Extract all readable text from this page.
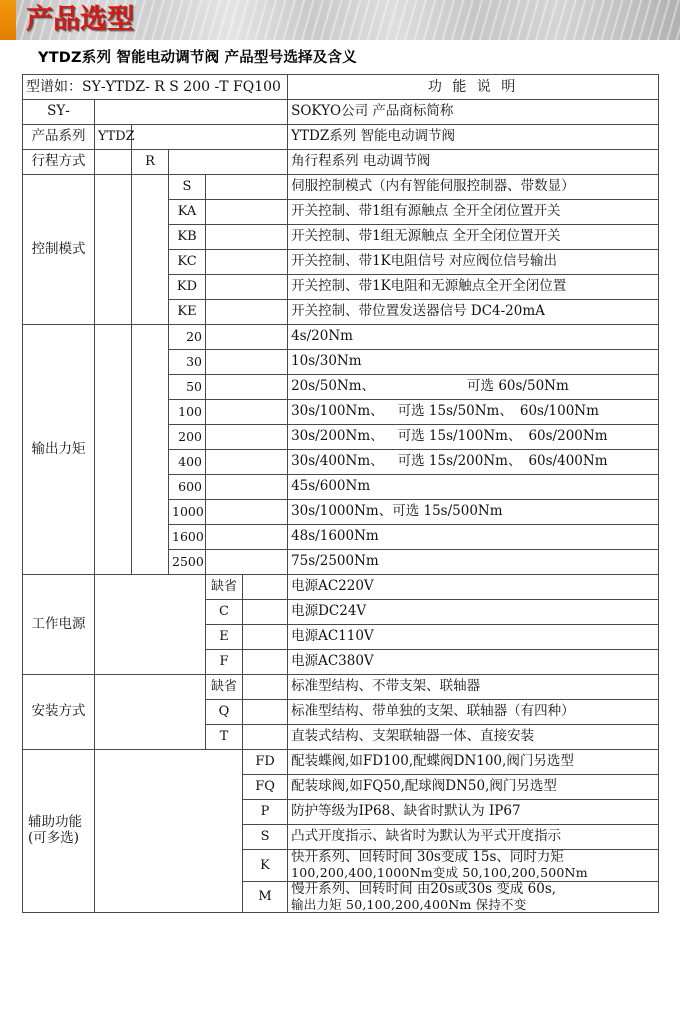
产品选型
YTDZ系列 智能电动调节阀 产品型号选择及含义
型谱如：SY‑YTDZ‑ R S 200 ‑T FQ100						功 能 说 明
SY‑						SOKYO公司 产品商标简称
产品系列	YTDZ					YTDZ系列 智能电动调节阀
行程方式		R				角行程系列 电动调节阀
控制模式			S			伺服控制模式（内有智能伺服控制器、带数显）
			KA			开关控制、带1组有源触点 全开全闭位置开关
			KB			开关控制、带1组无源触点 全开全闭位置开关
			KC			开关控制、带1K电阻信号 对应阀位信号输出
			KD			开关控制、带1K电阻和无源触点全开全闭位置
			KE			开关控制、带位置发送器信号 DC4‑20mA
输出力矩			20			4s/20Nm
			30			10s/30Nm
			50			20s/50Nm、 可选 60s/50Nm
			100			30s/100Nm、 可选 15s/50Nm、 60s/100Nm
			200			30s/200Nm、 可选 15s/100Nm、 60s/200Nm
			400			30s/400Nm、 可选 15s/200Nm、 60s/400Nm
			600			45s/600Nm
			1000			30s/1000Nm、可选 15s/500Nm
			1600			48s/1600Nm
			2500			75s/2500Nm
工作电源				缺省		电源AC220V
				C		电源DC24V
				E		电源AC110V
				F		电源AC380V
安装方式				缺省		标准型结构、不带支架、联轴器
				Q		标准型结构、带单独的支架、联轴器（有四种）
				T		直装式结构、支架联轴器一体、直接安装

辅助功能
(可多选)					FD	配装蝶阀,如FD100,配蝶阀DN100,阀门另选型
					FQ	配装球阀,如FQ50,配球阀DN50,阀门另选型
					P	防护等级为IP68、缺省时默认为 IP67
					S	凸式开度指示、缺省时为默认为平式开度指示
					K	快开系列、回转时间 30s变成 15s、同时力矩
100,200,400,1000Nm变成 50,100,200,500Nm

					M	慢开系列、回转时间 由20s或30s 变成 60s,
输出力矩 50,100,200,400Nm 保持不变
